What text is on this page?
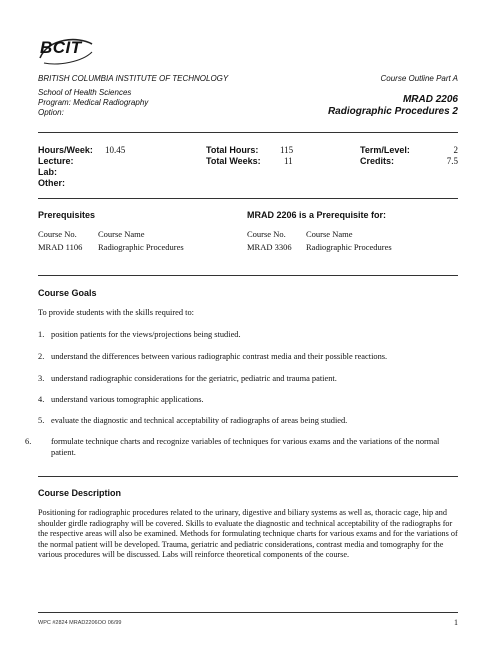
BCIT
BRITISH COLUMBIA INSTITUTE OF TECHNOLOGY
School of Health Sciences
Program: Medical Radiography
Option:
Course Outline Part A
MRAD 2206
Radiographic Procedures 2
Hours/Week: 10.45
Lecture:
Lab:
Other:
Total Hours: 115
Total Weeks:	11
Term/Level:	2
Credits:	7.5
Prerequisites
Course No.	Course Name
MRAD 1106 Radiographic Procedures
MRAD 2206 is a Prerequisite for:
Course No. Course Name
MRAD 3306 Radiographic Procedures
Course Goals
To provide students with the skills required to:
1. position patients for the views/projections being studied.
2. understand the differences between various radiographic contrast media and their possible reactions.
3. understand radiographic considerations for the geriatric, pediatric and trauma patient.
4. understand various tomographic applications.
5. evaluate the diagnostic and technical acceptability of radiographs of areas being studied.
6. formulate technique charts and recognize variables of techniques for various exams and the variations of the normal patient.
Course Description
Positioning for radiographic procedures related to the urinary, digestive and biliary systems as well as, thoracic cage, hip and shoulder girdle radiography will be covered. Skills to evaluate the diagnostic and technical acceptability of the radiographs for the respective areas will also be examined. Methods for formulating technique charts for various exams and for the variations of the normal patient will be developed. Trauma, geriatric and pediatric considerations, contrast media and tomography for the various procedures will be discussed. Labs will reinforce theoretical components of the course.
WPC #2824 MRAD2206OO 06/99	1
